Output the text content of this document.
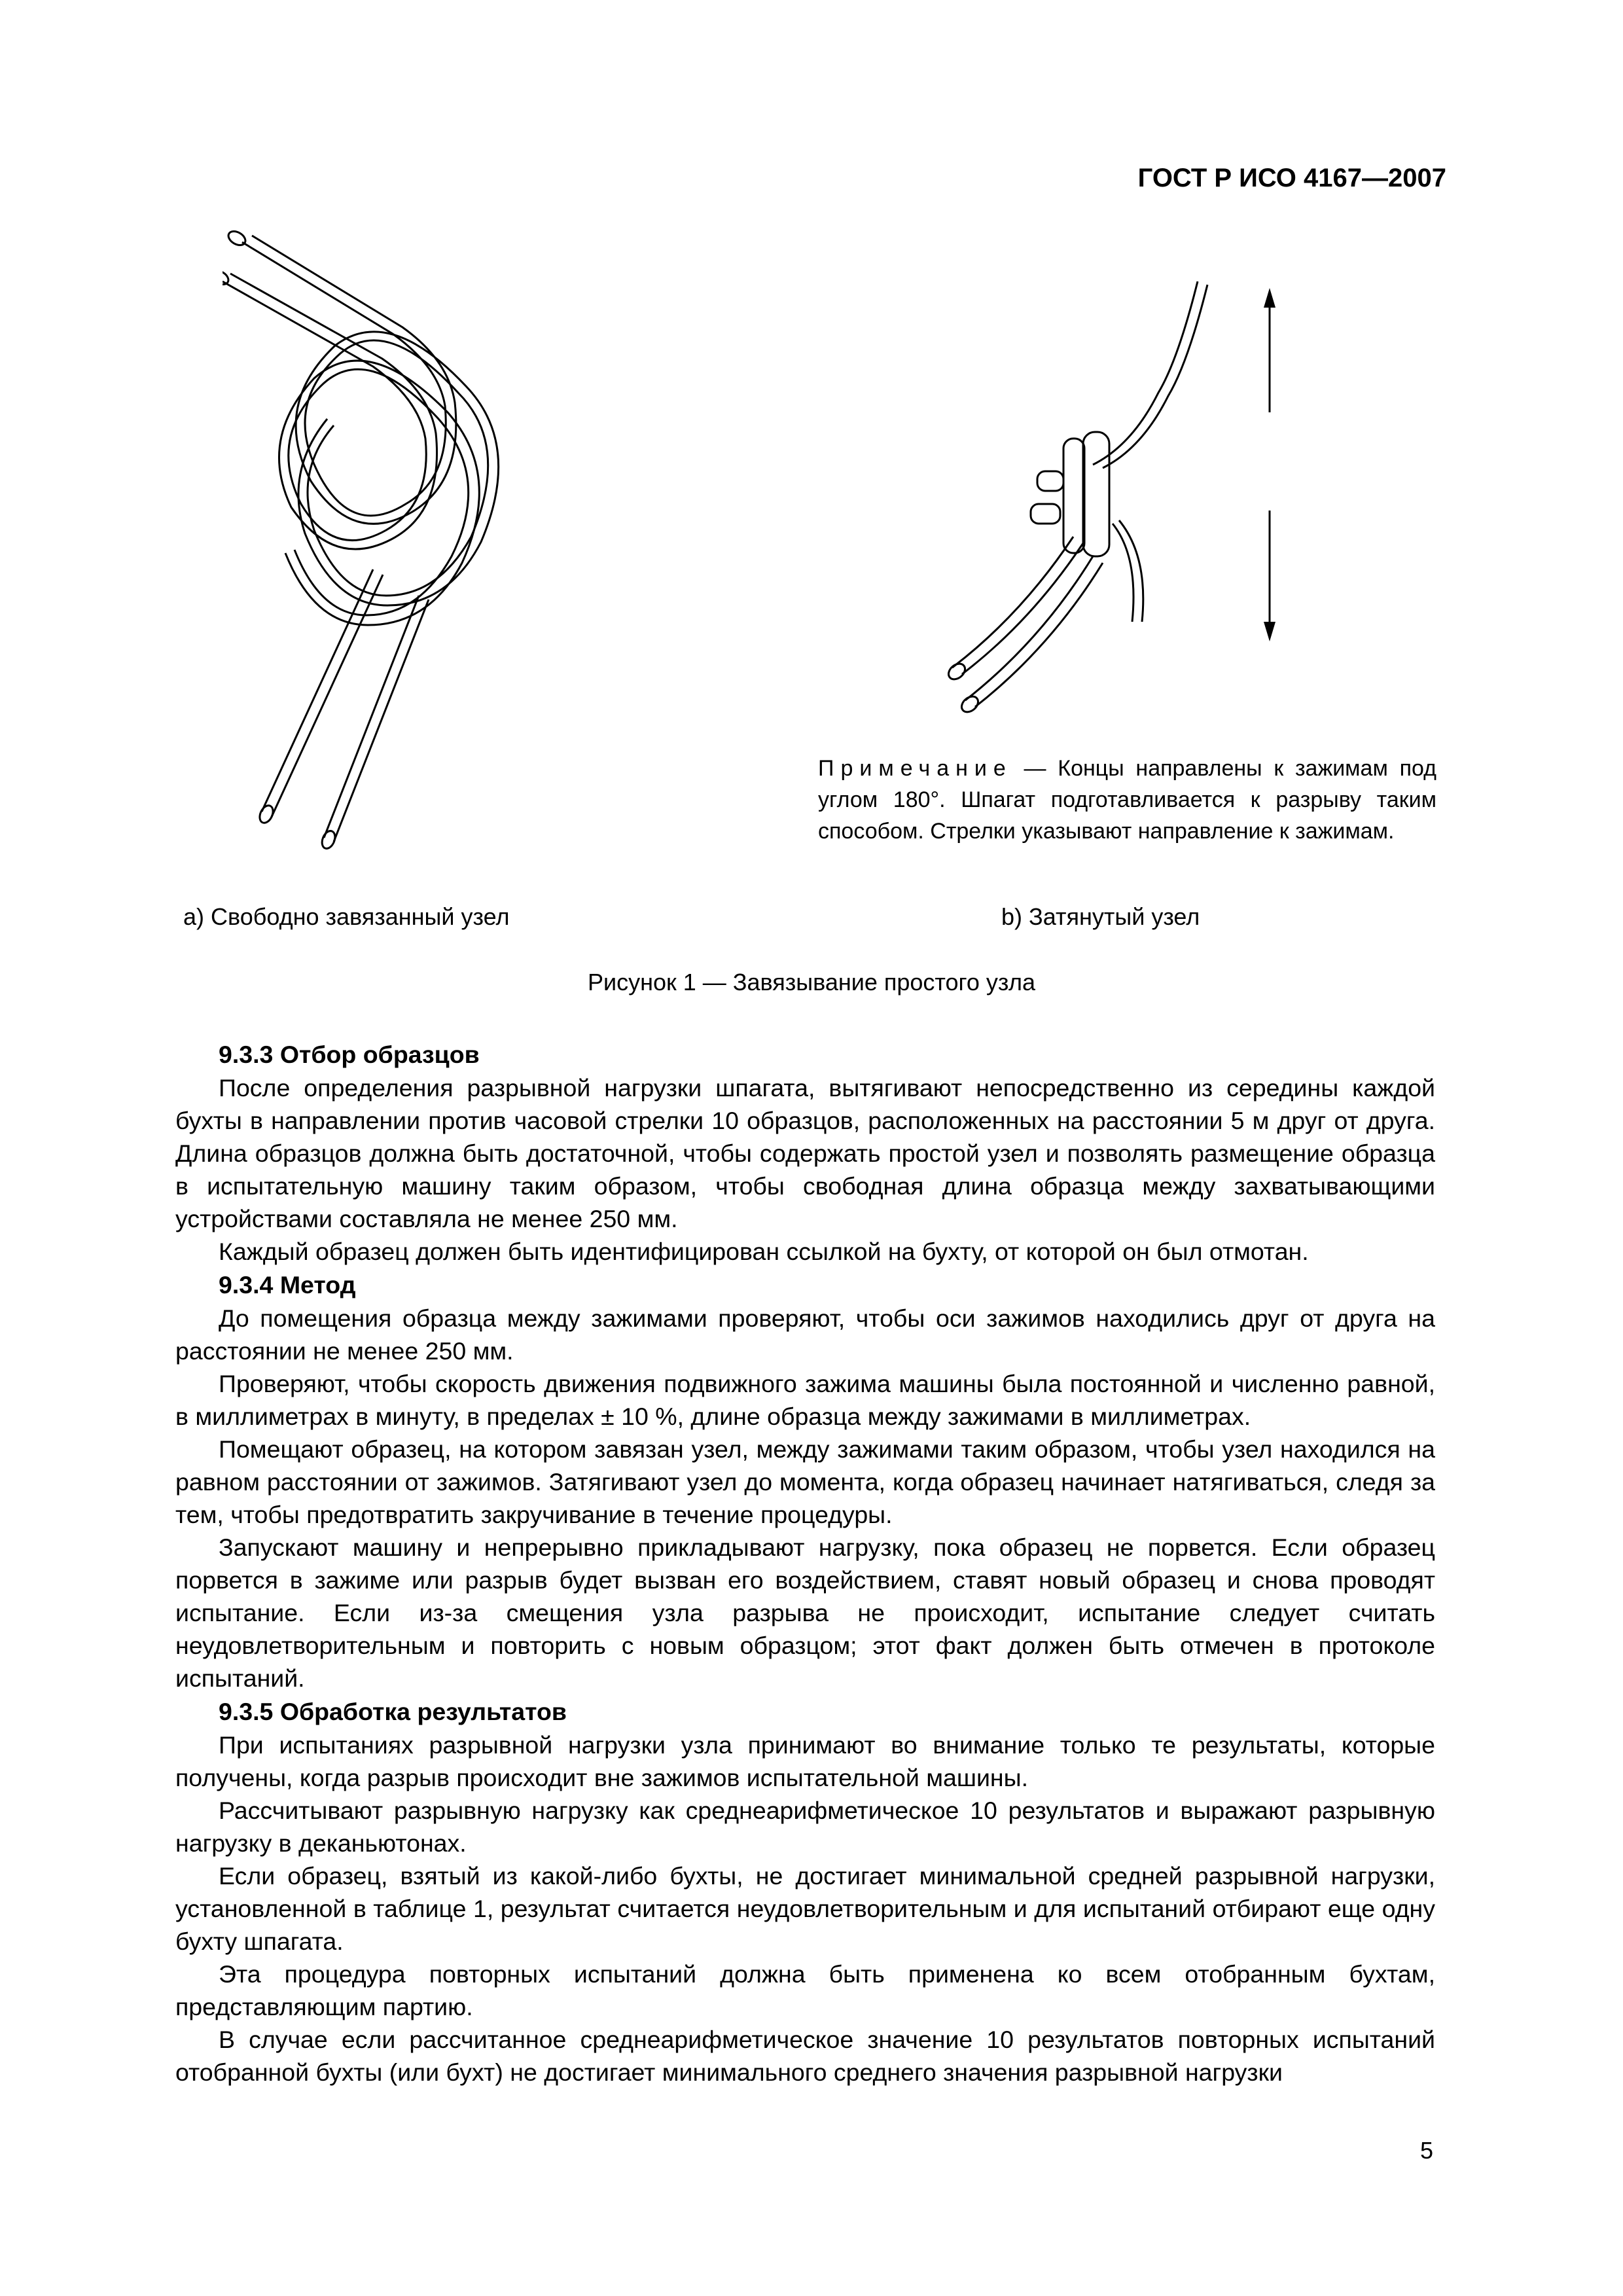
ГОСТ Р ИСО 4167—2007
Примечание — Концы направлены к зажимам под углом 180°. Шпагат подготавливается к разрыву таким способом. Стрелки указывают направление к зажимам.
a) Свободно завязанный узел	b) Затянутый узел
Рисунок 1 — Завязывание простого узла
9.3.3 Отбор образцов

После определения разрывной нагрузки шпагата, вытягивают непосредственно из середины каждой бухты в направлении против часовой стрелки 10 образцов, расположенных на расстоянии 5 м друг от друга. Длина образцов должна быть достаточной, чтобы содержать простой узел и позволять размещение образца в испытательную машину таким образом, чтобы свободная длина образца между захватывающими устройствами составляла не менее 250 мм.

Каждый образец должен быть идентифицирован ссылкой на бухту, от которой он был отмотан.

9.3.4 Метод

До помещения образца между зажимами проверяют, чтобы оси зажимов находились друг от друга на расстоянии не менее 250 мм.

Проверяют, чтобы скорость движения подвижного зажима машины была постоянной и численно равной, в миллиметрах в минуту, в пределах ± 10 %, длине образца между зажимами в миллиметрах.

Помещают образец, на котором завязан узел, между зажимами таким образом, чтобы узел находился на равном расстоянии от зажимов. Затягивают узел до момента, когда образец начинает натягиваться, следя за тем, чтобы предотвратить закручивание в течение процедуры.

Запускают машину и непрерывно прикладывают нагрузку, пока образец не порвется. Если образец порвется в зажиме или разрыв будет вызван его воздействием, ставят новый образец и снова проводят испытание. Если из-за смещения узла разрыва не происходит, испытание следует считать неудовлетворительным и повторить с новым образцом; этот факт должен быть отмечен в протоколе испытаний.

9.3.5 Обработка результатов

При испытаниях разрывной нагрузки узла принимают во внимание только те результаты, которые получены, когда разрыв происходит вне зажимов испытательной машины.

Рассчитывают разрывную нагрузку как среднеарифметическое 10 результатов и выражают разрывную нагрузку в деканьютонах.

Если образец, взятый из какой-либо бухты, не достигает минимальной средней разрывной нагрузки, установленной в таблице 1, результат считается неудовлетворительным и для испытаний отбирают еще одну бухту шпагата.

Эта процедура повторных испытаний должна быть применена ко всем отобранным бухтам, представляющим партию.

В случае если рассчитанное среднеарифметическое значение 10 результатов повторных испытаний отобранной бухты (или бухт) не достигает минимального среднего значения разрывной нагрузки

5
